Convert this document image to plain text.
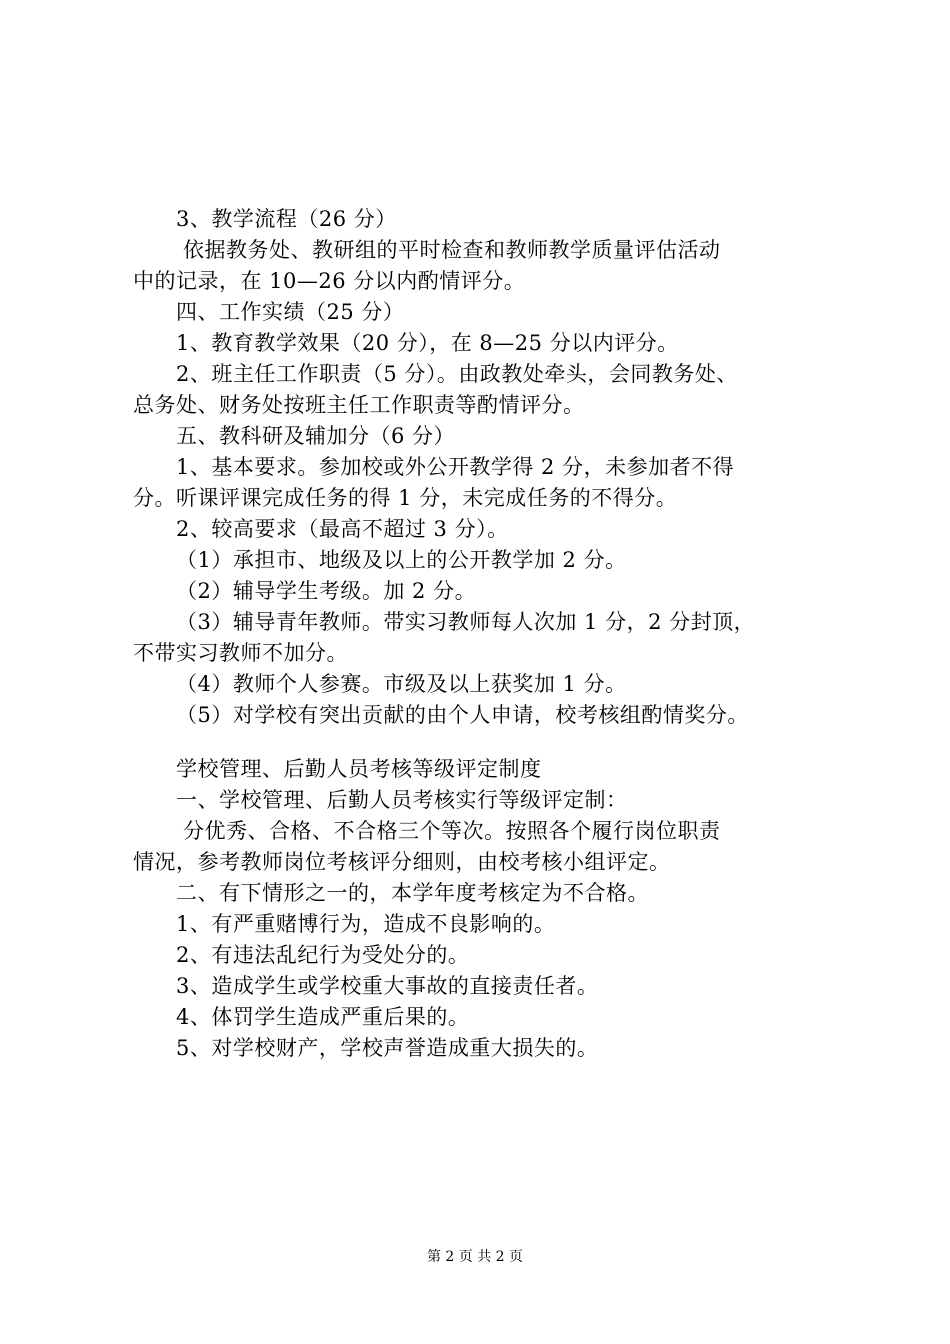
3、教学流程（26 分）
依据教务处、教研组的平时检查和教师教学质量评估活动
中的记录，在 10—26 分以内酌情评分。
四、工作实绩（25 分）
1、教育教学效果（20 分），在 8—25 分以内评分。
2、班主任工作职责（5 分）。由政教处牵头，会同教务处、
总务处、财务处按班主任工作职责等酌情评分。
五、教科研及辅加分（6 分）
1、基本要求。参加校或外公开教学得 2 分，未参加者不得
分。听课评课完成任务的得 1 分，未完成任务的不得分。
2、较高要求（最高不超过 3 分）。
（1）承担市、地级及以上的公开教学加 2 分。
（2）辅导学生考级。加 2 分。
（3）辅导青年教师。带实习教师每人次加 1 分，2 分封顶，
不带实习教师不加分。
（4）教师个人参赛。市级及以上获奖加 1 分。
（5）对学校有突出贡献的由个人申请，校考核组酌情奖分。
学校管理、后勤人员考核等级评定制度
一、学校管理、后勤人员考核实行等级评定制：
分优秀、合格、不合格三个等次。按照各个履行岗位职责
情况，参考教师岗位考核评分细则，由校考核小组评定。
二、有下情形之一的，本学年度考核定为不合格。
1、有严重赌博行为，造成不良影响的。
2、有违法乱纪行为受处分的。
3、造成学生或学校重大事故的直接责任者。
4、体罚学生造成严重后果的。
5、对学校财产，学校声誉造成重大损失的。
第 2 页 共 2 页
